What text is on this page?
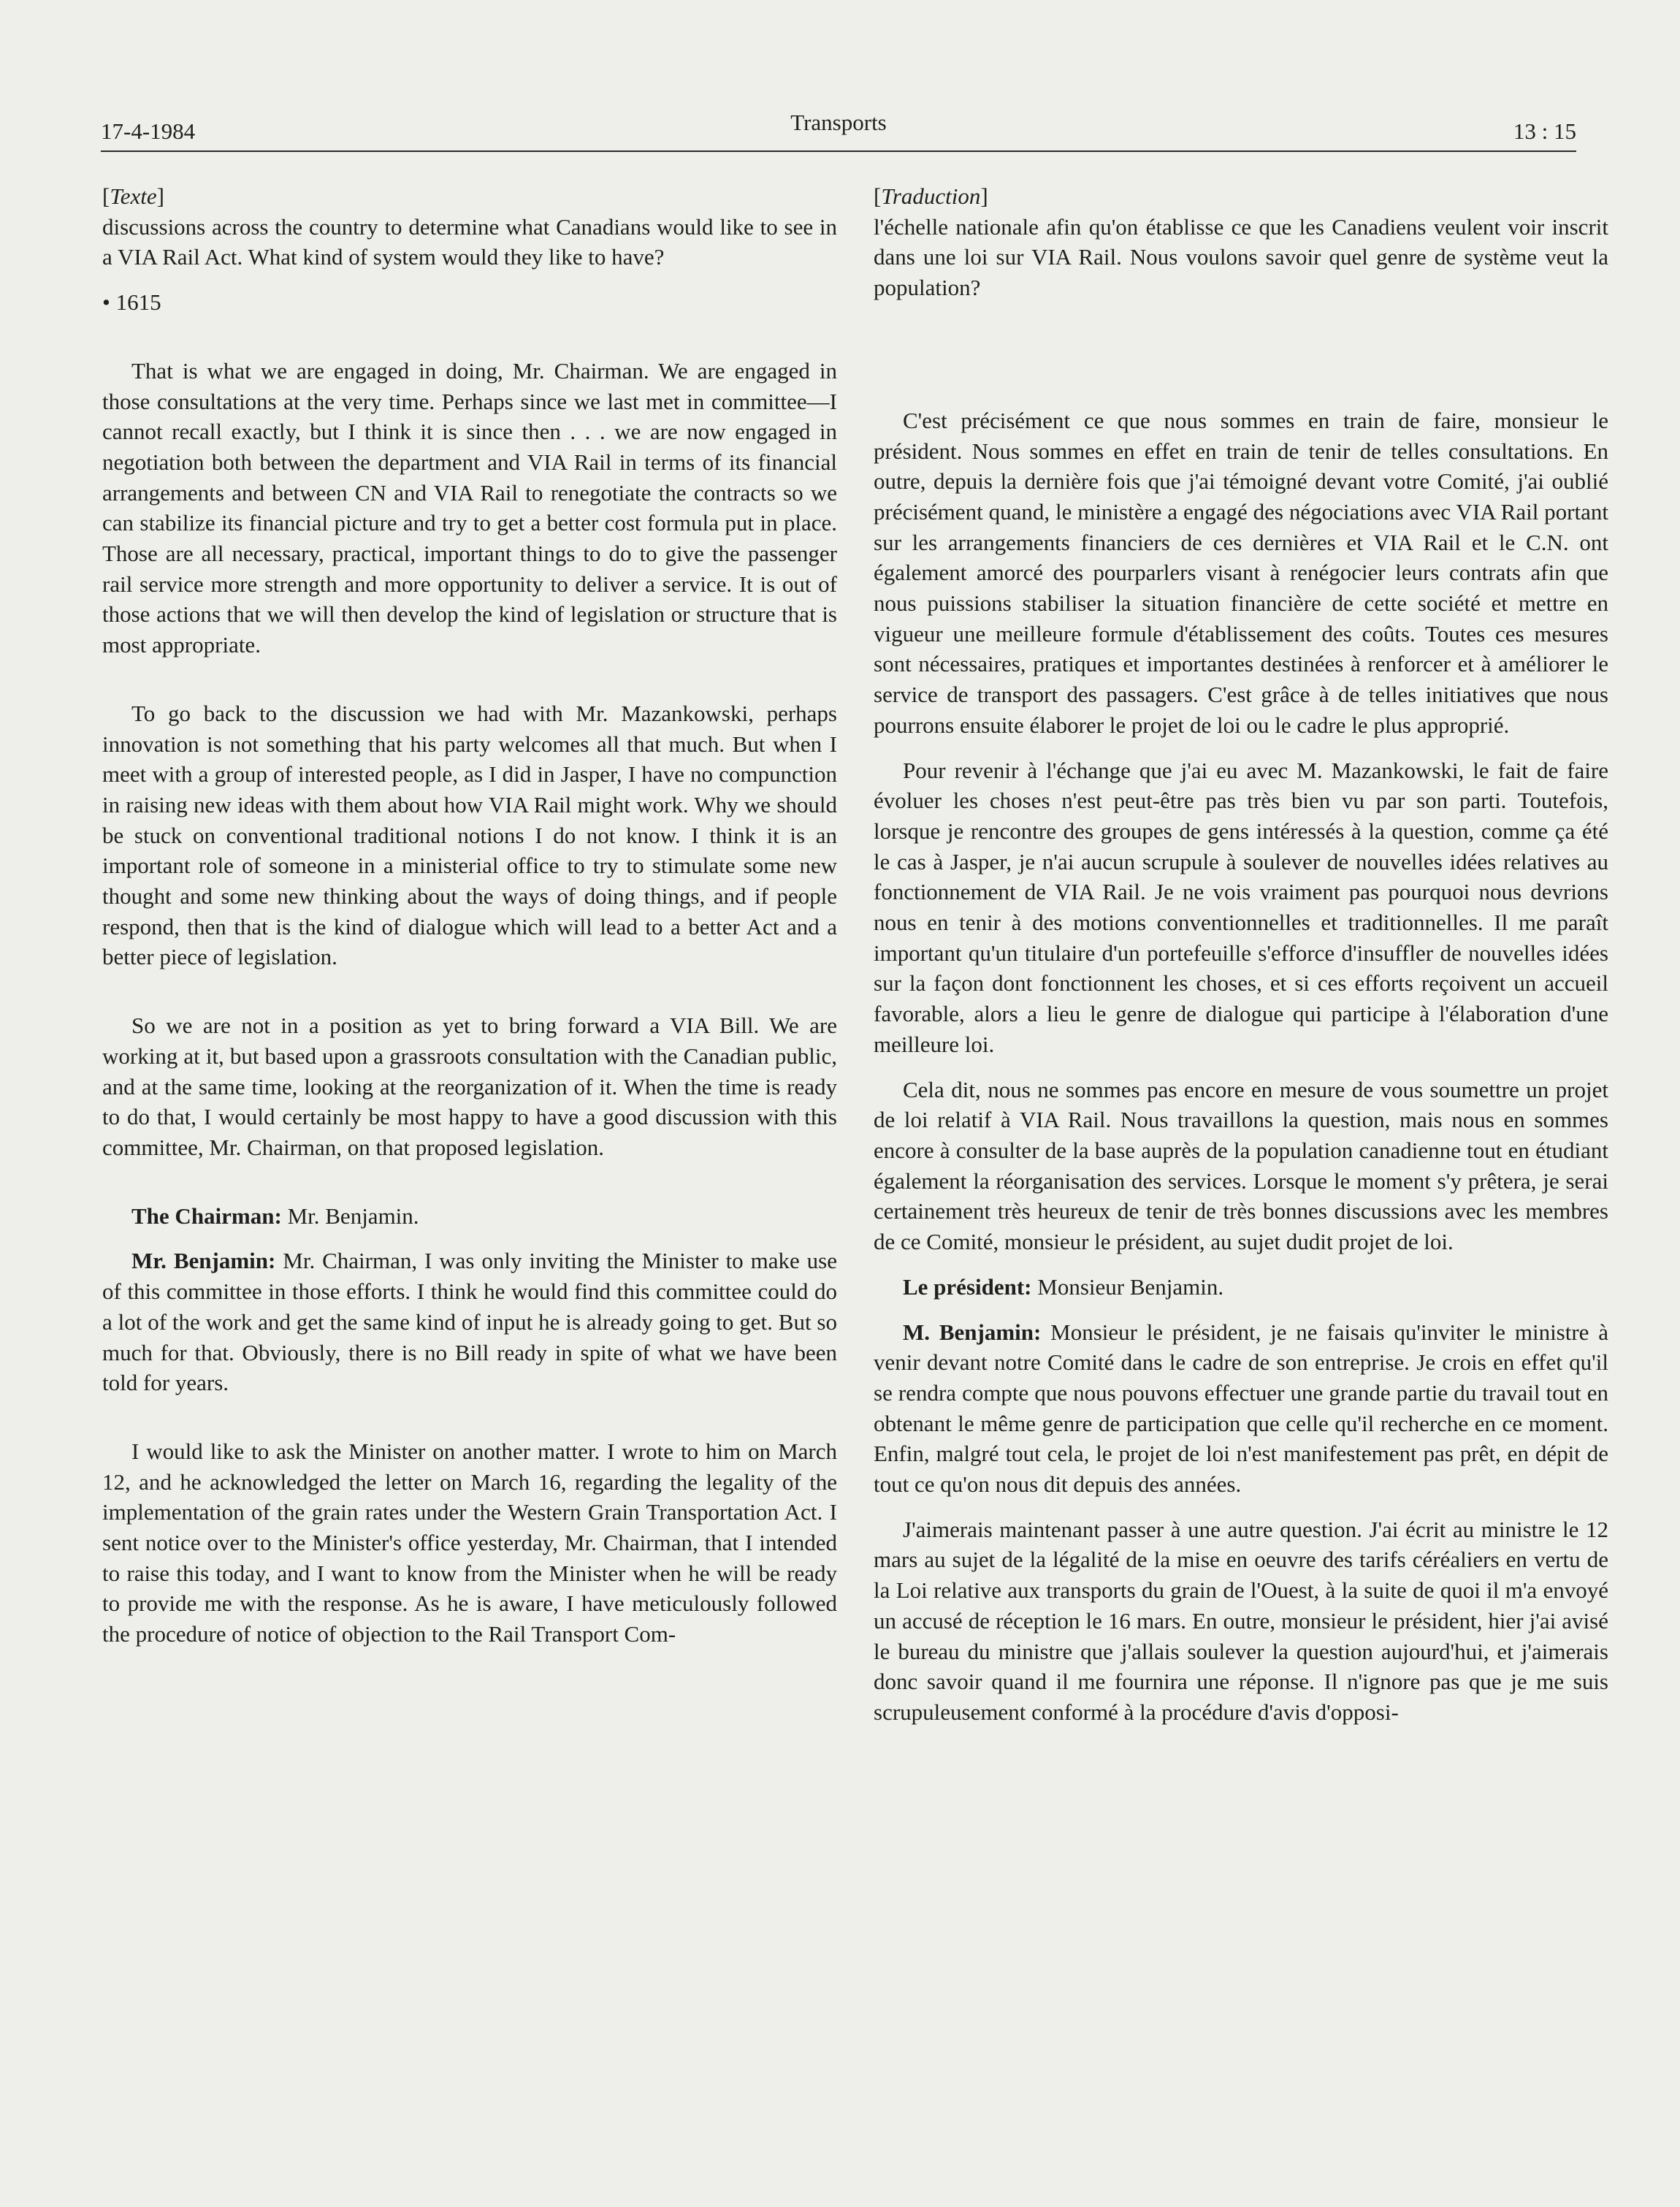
17-4-1984	Transports	13 : 15

[Texte]

discussions across the country to determine what Canadians would like to see in a VIA Rail Act. What kind of system would they like to have?

• 1615

That is what we are engaged in doing, Mr. Chairman. We are engaged in those consultations at the very time. Perhaps since we last met in committee—I cannot recall exactly, but I think it is since then . . . we are now engaged in negotiation both between the department and VIA Rail in terms of its financial arrangements and between CN and VIA Rail to renegotiate the contracts so we can stabilize its financial picture and try to get a better cost formula put in place. Those are all necessary, practical, important things to do to give the passenger rail service more strength and more opportunity to deliver a service. It is out of those actions that we will then develop the kind of legislation or structure that is most appropriate.

To go back to the discussion we had with Mr. Mazankowski, perhaps innovation is not something that his party welcomes all that much. But when I meet with a group of interested people, as I did in Jasper, I have no compunction in raising new ideas with them about how VIA Rail might work. Why we should be stuck on conventional traditional notions I do not know. I think it is an important role of someone in a ministerial office to try to stimulate some new thought and some new thinking about the ways of doing things, and if people respond, then that is the kind of dialogue which will lead to a better Act and a better piece of legislation.

So we are not in a position as yet to bring forward a VIA Bill. We are working at it, but based upon a grassroots consultation with the Canadian public, and at the same time, looking at the reorganization of it. When the time is ready to do that, I would certainly be most happy to have a good discussion with this committee, Mr. Chairman, on that proposed legislation.

The Chairman: Mr. Benjamin.

Mr. Benjamin: Mr. Chairman, I was only inviting the Minister to make use of this committee in those efforts. I think he would find this committee could do a lot of the work and get the same kind of input he is already going to get. But so much for that. Obviously, there is no Bill ready in spite of what we have been told for years.

I would like to ask the Minister on another matter. I wrote to him on March 12, and he acknowledged the letter on March 16, regarding the legality of the implementation of the grain rates under the Western Grain Transportation Act. I sent notice over to the Minister's office yesterday, Mr. Chairman, that I intended to raise this today, and I want to know from the Minister when he will be ready to provide me with the response. As he is aware, I have meticulously followed the procedure of notice of objection to the Rail Transport Com-

[Traduction]

l'échelle nationale afin qu'on établisse ce que les Canadiens veulent voir inscrit dans une loi sur VIA Rail. Nous voulons savoir quel genre de système veut la population?

C'est précisément ce que nous sommes en train de faire, monsieur le président. Nous sommes en effet en train de tenir de telles consultations. En outre, depuis la dernière fois que j'ai témoigné devant votre Comité, j'ai oublié précisément quand, le ministère a engagé des négociations avec VIA Rail portant sur les arrangements financiers de ces dernières et VIA Rail et le C.N. ont également amorcé des pourparlers visant à renégocier leurs contrats afin que nous puissions stabiliser la situation financière de cette société et mettre en vigueur une meilleure formule d'établissement des coûts. Toutes ces mesures sont nécessaires, pratiques et importantes destinées à renforcer et à améliorer le service de transport des passagers. C'est grâce à de telles initiatives que nous pourrons ensuite élaborer le projet de loi ou le cadre le plus approprié.

Pour revenir à l'échange que j'ai eu avec M. Mazankowski, le fait de faire évoluer les choses n'est peut-être pas très bien vu par son parti. Toutefois, lorsque je rencontre des groupes de gens intéressés à la question, comme ça été le cas à Jasper, je n'ai aucun scrupule à soulever de nouvelles idées relatives au fonctionnement de VIA Rail. Je ne vois vraiment pas pourquoi nous devrions nous en tenir à des motions conventionnelles et traditionnelles. Il me paraît important qu'un titulaire d'un portefeuille s'efforce d'insuffler de nouvelles idées sur la façon dont fonctionnent les choses, et si ces efforts reçoivent un accueil favorable, alors a lieu le genre de dialogue qui participe à l'élaboration d'une meilleure loi.

Cela dit, nous ne sommes pas encore en mesure de vous soumettre un projet de loi relatif à VIA Rail. Nous travaillons la question, mais nous en sommes encore à consulter de la base auprès de la population canadienne tout en étudiant également la réorganisation des services. Lorsque le moment s'y prêtera, je serai certainement très heureux de tenir de très bonnes discussions avec les membres de ce Comité, monsieur le président, au sujet dudit projet de loi.

Le président: Monsieur Benjamin.

M. Benjamin: Monsieur le président, je ne faisais qu'inviter le ministre à venir devant notre Comité dans le cadre de son entreprise. Je crois en effet qu'il se rendra compte que nous pouvons effectuer une grande partie du travail tout en obtenant le même genre de participation que celle qu'il recherche en ce moment. Enfin, malgré tout cela, le projet de loi n'est manifestement pas prêt, en dépit de tout ce qu'on nous dit depuis des années.

J'aimerais maintenant passer à une autre question. J'ai écrit au ministre le 12 mars au sujet de la légalité de la mise en oeuvre des tarifs céréaliers en vertu de la Loi relative aux transports du grain de l'Ouest, à la suite de quoi il m'a envoyé un accusé de réception le 16 mars. En outre, monsieur le président, hier j'ai avisé le bureau du ministre que j'allais soulever la question aujourd'hui, et j'aimerais donc savoir quand il me fournira une réponse. Il n'ignore pas que je me suis scrupuleusement conformé à la procédure d'avis d'opposi-
